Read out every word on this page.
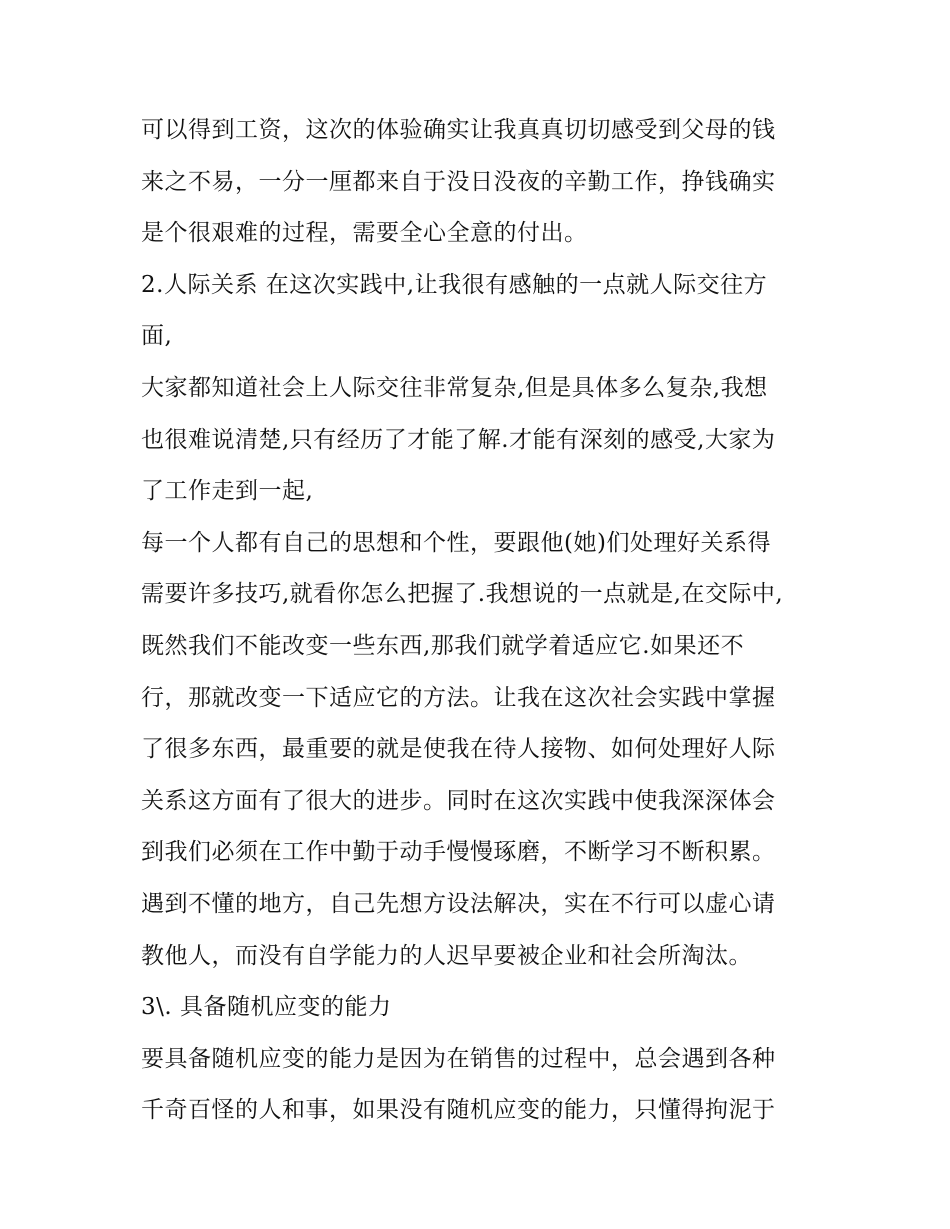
可以得到工资，这次的体验确实让我真真切切感受到父母的钱
来之不易，一分一厘都来自于没日没夜的辛勤工作，挣钱确实
是个很艰难的过程，需要全心全意的付出。
2.人际关系 在这次实践中,让我很有感触的一点就人际交往方
面,
大家都知道社会上人际交往非常复杂,但是具体多么复杂,我想
也很难说清楚,只有经历了才能了解.才能有深刻的感受,大家为
了工作走到一起,
每一个人都有自己的思想和个性，要跟他(她)们处理好关系得
需要许多技巧,就看你怎么把握了.我想说的一点就是,在交际中,
既然我们不能改变一些东西,那我们就学着适应它.如果还不
行，那就改变一下适应它的方法。让我在这次社会实践中掌握
了很多东西，最重要的就是使我在待人接物、如何处理好人际
关系这方面有了很大的进步。同时在这次实践中使我深深体会
到我们必须在工作中勤于动手慢慢琢磨，不断学习不断积累。
遇到不懂的地方，自己先想方设法解决，实在不行可以虚心请
教他人，而没有自学能力的人迟早要被企业和社会所淘汰。
3\. 具备随机应变的能力
要具备随机应变的能力是因为在销售的过程中，总会遇到各种
千奇百怪的人和事，如果没有随机应变的能力，只懂得拘泥于
